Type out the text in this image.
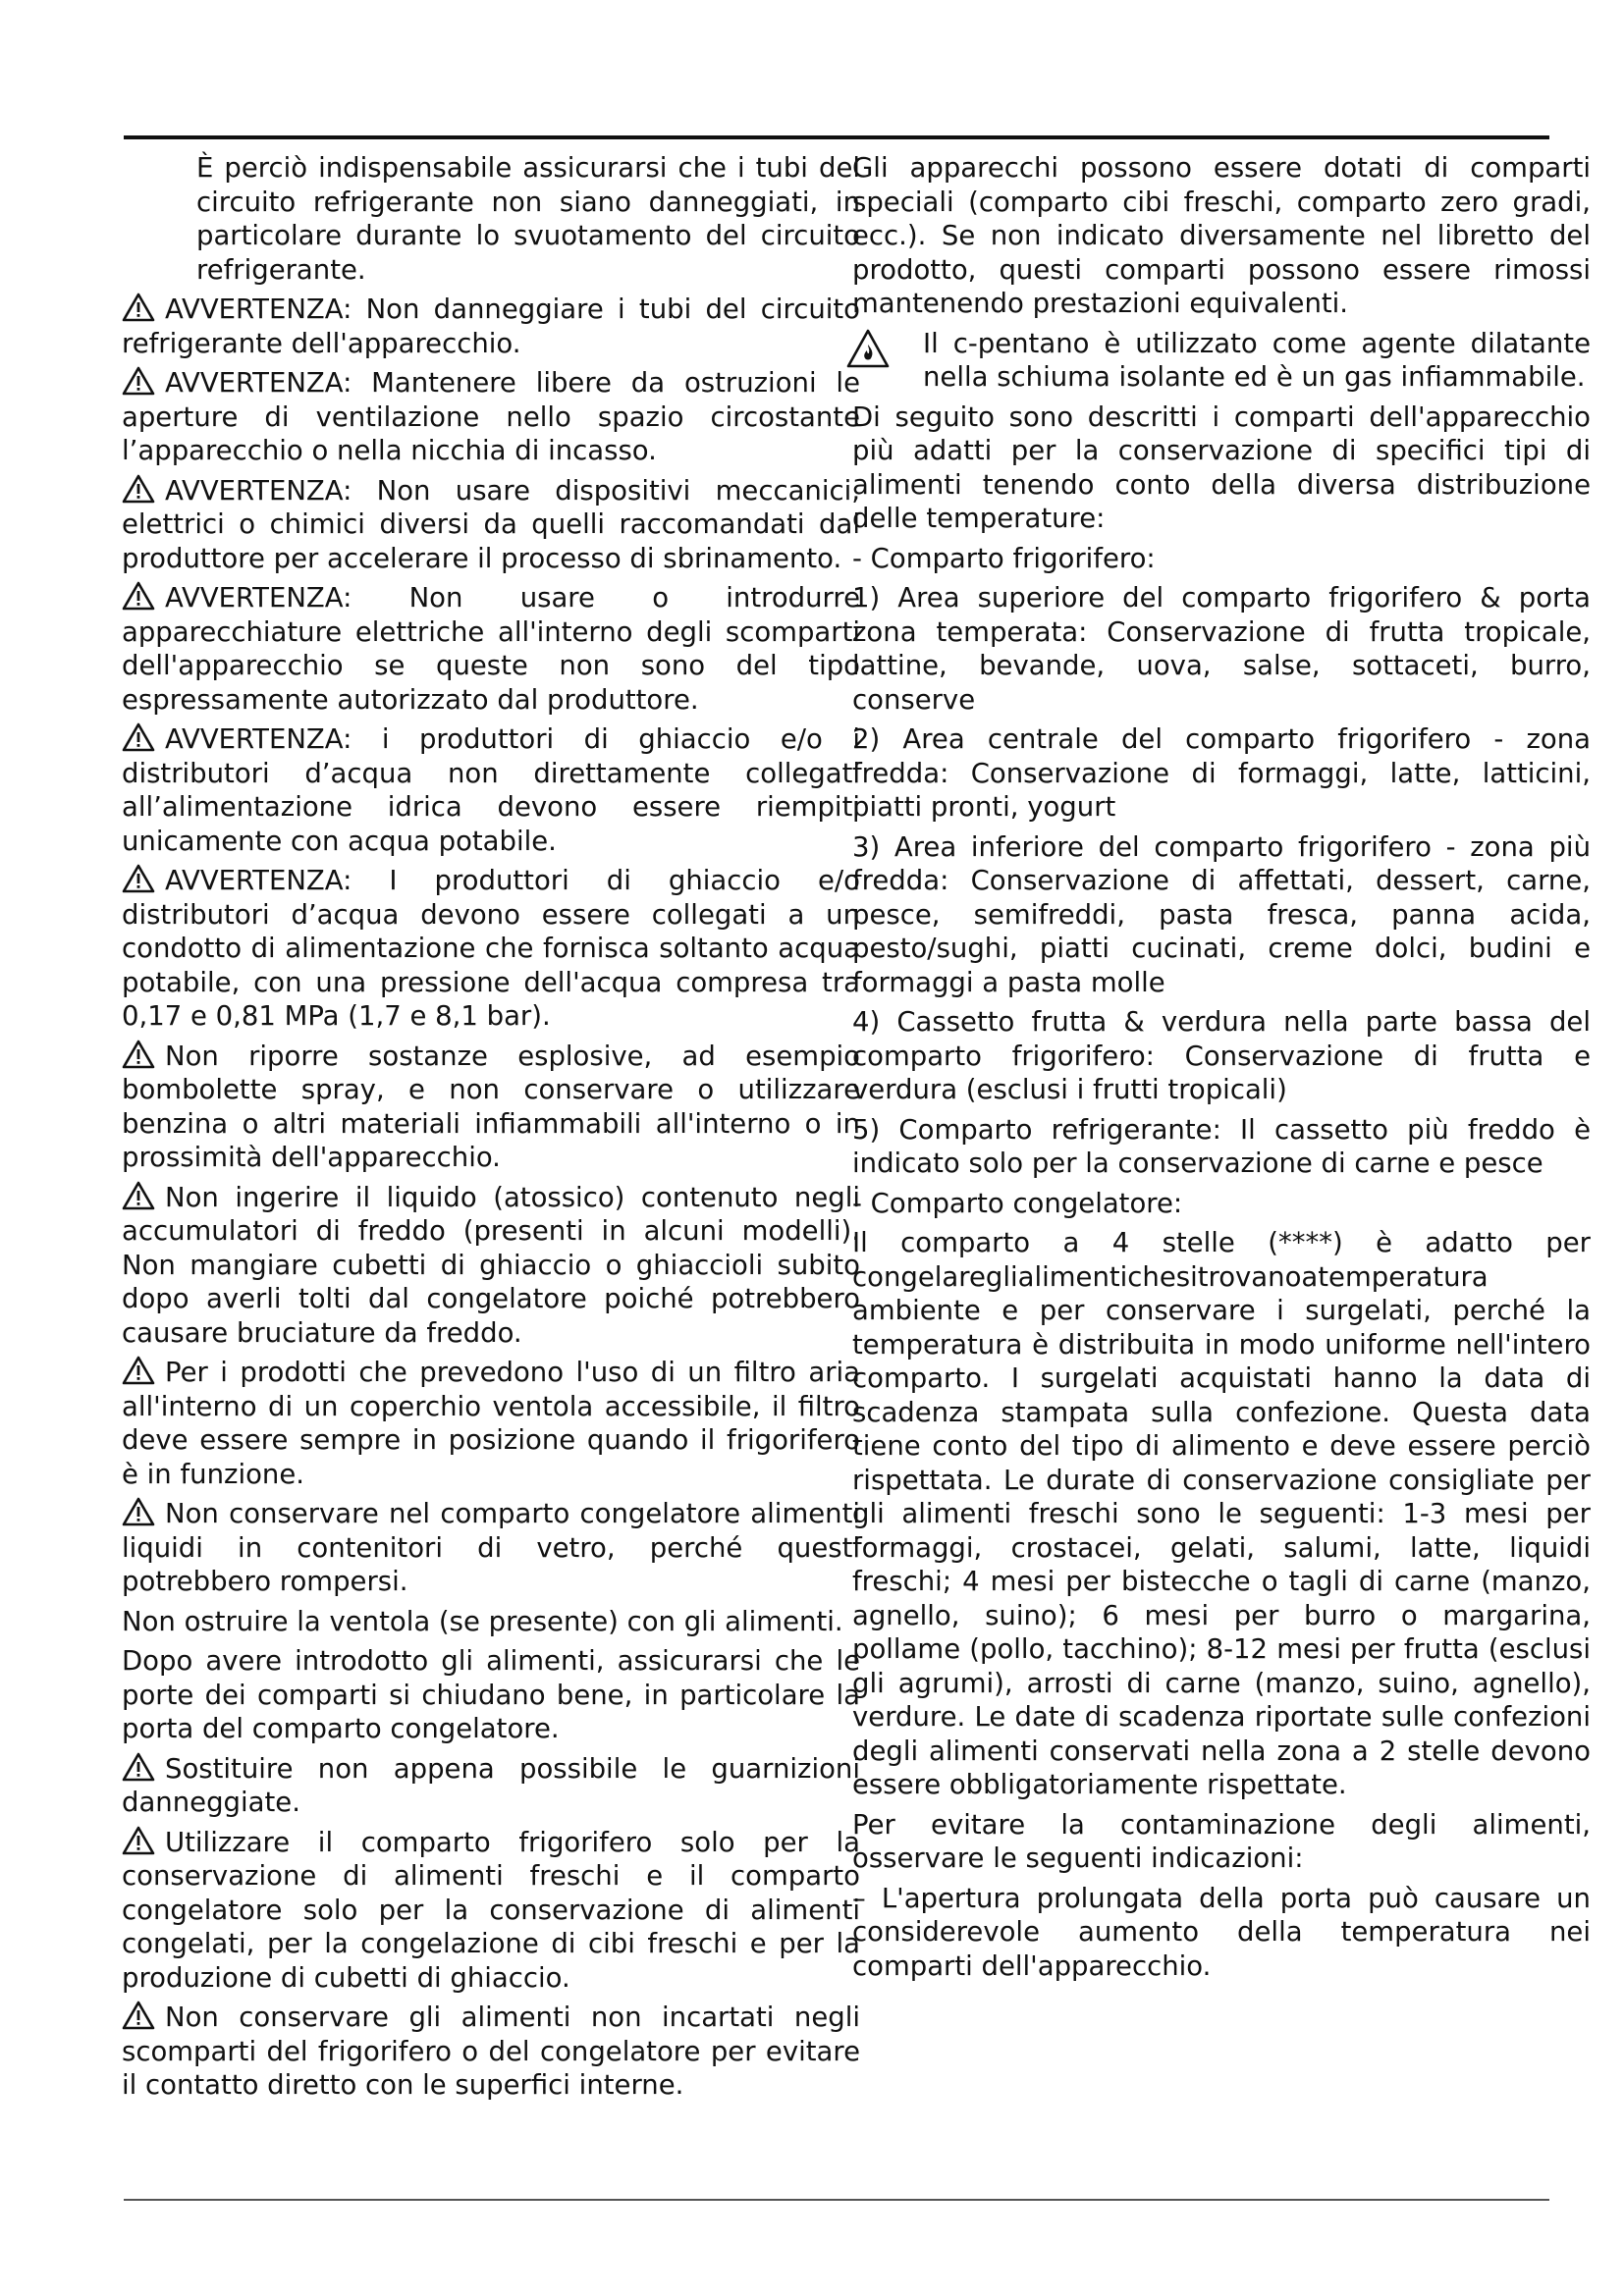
È perciò indispensabile assicurarsi che i tubi del circuito refrigerante non siano danneggiati, in particolare durante lo svuotamento del circuito refrigerante.

AVVERTENZA: Non danneggiare i tubi del circuito refrigerante dell'apparecchio.

AVVERTENZA: Mantenere libere da ostruzioni le aperture di ventilazione nello spazio circostante l’apparecchio o nella nicchia di incasso.

AVVERTENZA: Non usare dispositivi meccanici, elettrici o chimici diversi da quelli raccomandati dal produttore per accelerare il processo di sbrinamento.

AVVERTENZA: Non usare o introdurre apparecchiature elettriche all'interno degli scomparti dell'apparecchio se queste non sono del tipo espressamente autorizzato dal produttore.

AVVERTENZA: i produttori di ghiaccio e/o i distributori d’acqua non direttamente collegati all’alimentazione idrica devono essere riempiti unicamente con acqua potabile.

AVVERTENZA: I produttori di ghiaccio e/o distributori d’acqua devono essere collegati a un condotto di alimentazione che fornisca soltanto acqua potabile, con una pressione dell'acqua compresa tra 0,17 e 0,81 MPa (1,7 e 8,1 bar).

Non riporre sostanze esplosive, ad esempio bombolette spray, e non conservare o utilizzare benzina o altri materiali infiammabili all'interno o in prossimità dell'apparecchio.

Non ingerire il liquido (atossico) contenuto negli accumulatori di freddo (presenti in alcuni modelli). Non mangiare cubetti di ghiaccio o ghiaccioli subito dopo averli tolti dal congelatore poiché potrebbero causare bruciature da freddo.

Per i prodotti che prevedono l'uso di un filtro aria all'interno di un coperchio ventola accessibile, il filtro deve essere sempre in posizione quando il frigorifero è in funzione.

Non conservare nel comparto congelatore alimenti liquidi in contenitori di vetro, perché questi potrebbero rompersi.

Non ostruire la ventola (se presente) con gli alimenti.

Dopo avere introdotto gli alimenti, assicurarsi che le porte dei comparti si chiudano bene, in particolare la porta del comparto congelatore.

Sostituire non appena possibile le guarnizioni danneggiate.

Utilizzare il comparto frigorifero solo per la conservazione di alimenti freschi e il comparto congelatore solo per la conservazione di alimenti congelati, per la congelazione di cibi freschi e per la produzione di cubetti di ghiaccio.

Non conservare gli alimenti non incartati negli scomparti del frigorifero o del congelatore per evitare il contatto diretto con le superfici interne.

Gli apparecchi possono essere dotati di comparti speciali (comparto cibi freschi, comparto zero gradi, ecc.). Se non indicato diversamente nel libretto del prodotto, questi comparti possono essere rimossi mantenendo prestazioni equivalenti.

Il c-pentano è utilizzato come agente dilatante nella schiuma isolante ed è un gas infiammabile.

Di seguito sono descritti i comparti dell'apparecchio più adatti per la conservazione di specifici tipi di alimenti tenendo conto della diversa distribuzione delle temperature:

- Comparto frigorifero:

1) Area superiore del comparto frigorifero & porta zona temperata: Conservazione di frutta tropicale, lattine, bevande, uova, salse, sottaceti, burro, conserve

2) Area centrale del comparto frigorifero - zona fredda: Conservazione di formaggi, latte, latticini, piatti pronti, yogurt

3) Area inferiore del comparto frigorifero - zona più fredda: Conservazione di affettati, dessert, carne, pesce, semifreddi, pasta fresca, panna acida, pesto/sughi, piatti cucinati, creme dolci, budini e formaggi a pasta molle

4) Cassetto frutta & verdura nella parte bassa del comparto frigorifero: Conservazione di frutta e verdura (esclusi i frutti tropicali)

5) Comparto refrigerante: Il cassetto più freddo è indicato solo per la conservazione di carne e pesce

- Comparto congelatore:

Il comparto a 4 stelle (****) è adatto per congelareglialimentichesitrovanoatemperatura ambiente e per conservare i surgelati, perché la temperatura è distribuita in modo uniforme nell'intero comparto. I surgelati acquistati hanno la data di scadenza stampata sulla confezione. Questa data tiene conto del tipo di alimento e deve essere perciò rispettata. Le durate di conservazione consigliate per gli alimenti freschi sono le seguenti: 1-3 mesi per formaggi, crostacei, gelati, salumi, latte, liquidi freschi; 4 mesi per bistecche o tagli di carne (manzo, agnello, suino); 6 mesi per burro o margarina, pollame (pollo, tacchino); 8-12 mesi per frutta (esclusi gli agrumi), arrosti di carne (manzo, suino, agnello), verdure. Le date di scadenza riportate sulle confezioni degli alimenti conservati nella zona a 2 stelle devono essere obbligatoriamente rispettate.

Per evitare la contaminazione degli alimenti, osservare le seguenti indicazioni:

– L'apertura prolungata della porta può causare un considerevole aumento della temperatura nei comparti dell'apparecchio.
